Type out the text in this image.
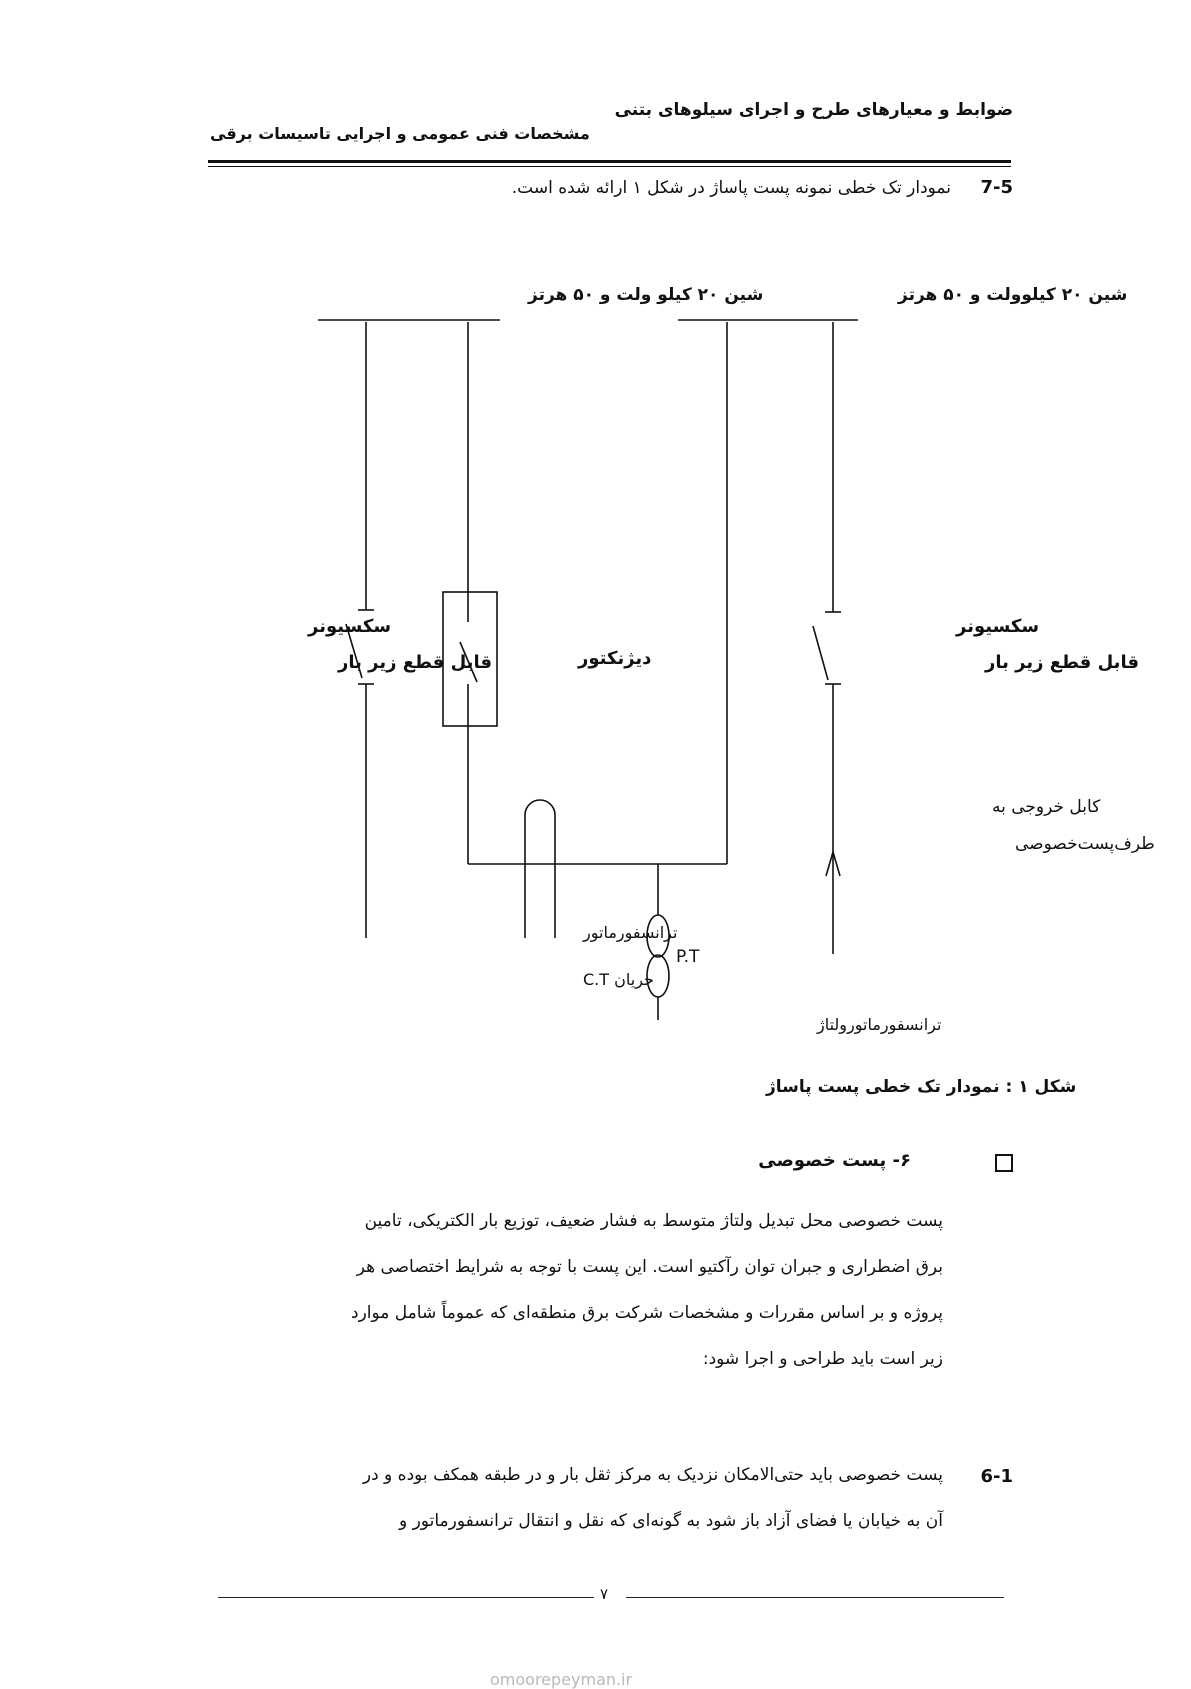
ضوابط و معیارهای طرح و اجرای سیلوهای بتنی
مشخصات فنی عمومی و اجرایی تاسیسات برقی
7-5
نمودار تک خطی نمونه پست پاساژ در شکل ۱ ارائه شده است.
شین ۲۰ کیلو ولت و ۵۰ هرتز	شین ۲۰ کیلوولت و ۵۰ هرتز
سکسیونر
قابل قطع زیر بار	دیژنکتور
سکسیونر
قابل قطع زیر بار
کابل خروجی به
طرف‌پست‌خصوصی
ترانسفورماتور
جریان C.T
P.T
ترانسفورماتورولتاژ
شکل ۱ : نمودار تک خطی پست پاساژ
۶- پست خصوصی
پست خصوصی محل تبدیل ولتاژ متوسط به فشار ضعیف، توزیع بار الکتریکی، تامین
برق اضطراری و جبران توان رآکتیو است. این پست با توجه به شرایط اختصاصی هر
پروژه و بر اساس مقررات و مشخصات شرکت برق منطقه‌ای که عموماً شامل موارد
زیر است باید طراحی و اجرا شود:
6-1
پست خصوصی باید حتی‌الامکان نزدیک به مرکز ثقل بار و در طبقه همکف بوده و در
آن به خیابان یا فضای آزاد باز شود به گونه‌ای که نقل و انتقال ترانسفورماتور و
۷
omoorepeyman.ir
